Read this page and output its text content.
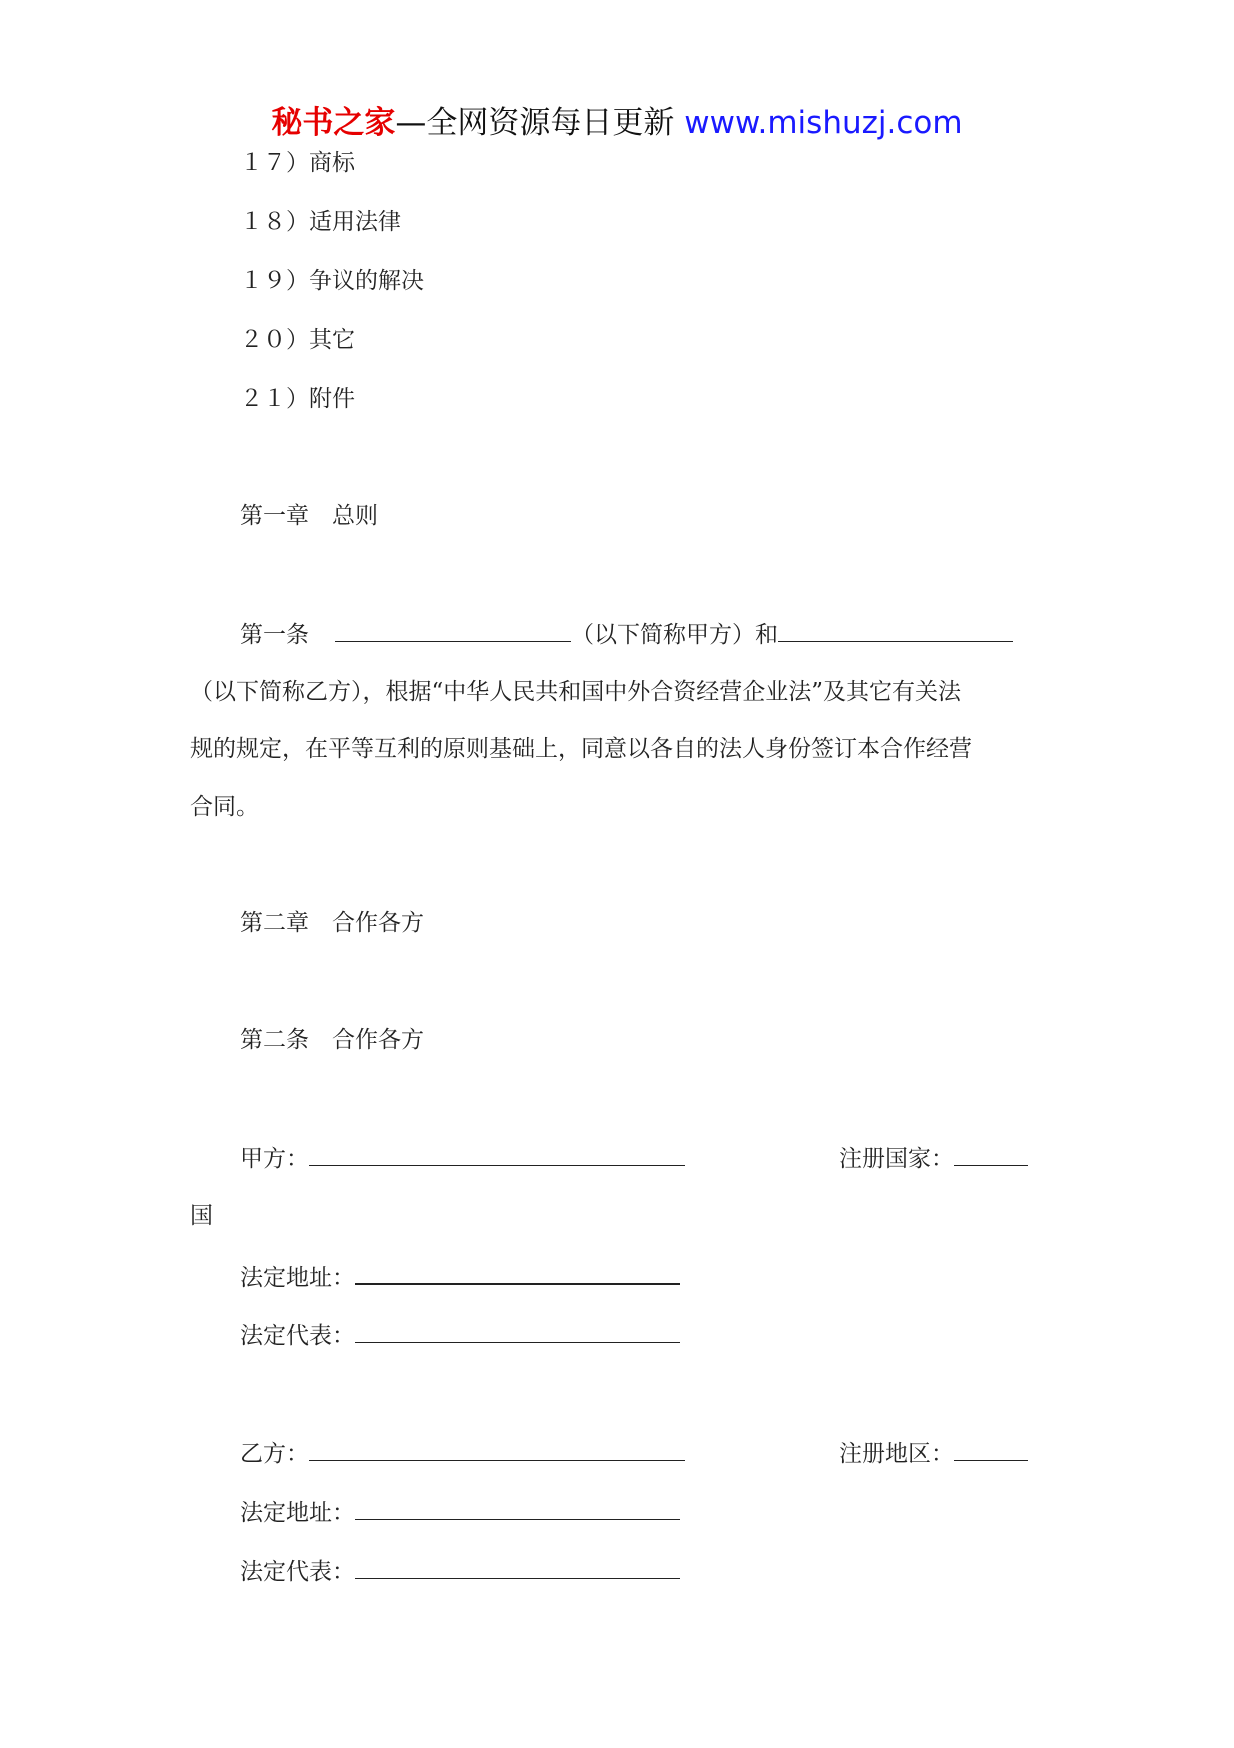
秘书之家—全网资源每日更新 www.mishuzj.com
１７）商标
１８）适用法律
１９）争议的解决
２０）其它
２１）附件
第一章　总则
第一条	（以下简称甲方）和
（以下简称乙方），根据“中华人民共和国中外合资经营企业法”及其它有关法
规的规定，在平等互利的原则基础上，同意以各自的法人身份签订本合作经营
合同。
第二章　合作各方
第二条　合作各方
甲方：	注册国家：
国
法定地址：
法定代表：
乙方：	注册地区：
法定地址：
法定代表：
